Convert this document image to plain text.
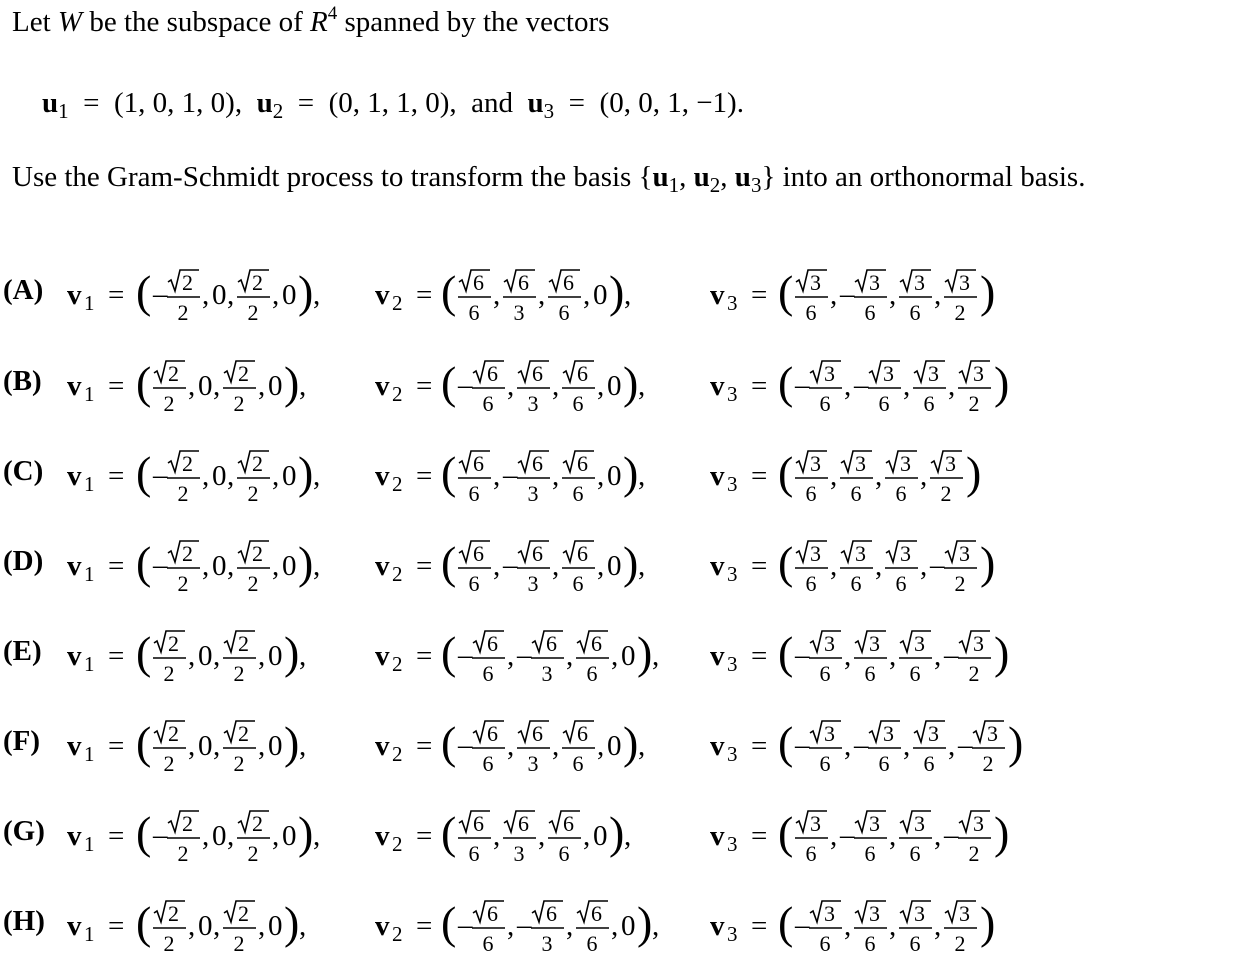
Let W be the subspace of $R^4$ spanned by the vectors
$u_1 = (1$, 0, 1, 0), $u_2 = (0$, 1, 1, 0), and $u_3 = (0$, 0, 1, −1).
Use the Gram-Schmidt process to transform the basis {$u_1$, $u_2$, $u_3$} into an orthonormal basis.
(A) v 1 = ( – 2
2
, 0 , 2
2
, 0 ) , v 2 = ( 6
6
, 6
3
, 6
6
, 0 ) ,	v 3 = ( 3
6
, – 3
6
, 3
6
, 3
2 )
(B) v 1 = ( 2
2
, 0 , 2
2
, 0 ) , v 2 = ( – 6
6
, 6
3
, 6
6
, 0 ) , v 3 = ( – 3
6
, – 3
6
, 3
6
, 3
2 )
(C) v 1 = ( – 2
2
, 0 , 2
2
, 0 ) , v 2 = ( 6
6
, – 6
3
, 6
6
, 0 ) , v 3 = ( 3
6
, 3
6
, 3
6
, 3
2 )
(D) v 1 = ( – 2
2
, 0 , 2
2
, 0 ) , v 2 = ( 6
6
, – 6
3
, 6
6
, 0 ) , v 3 = ( 3
6
, 3
6
, 3
6
, – 3
2 )
(E) v 1 = ( 2
2
, 0 , 2
2
, 0 ) , v 2 = ( – 6
6
, – 6
3
, 6
6
, 0 ) , v 3 = ( – 3
6
, 3
6
, 3
6
, – 3
2 )
(F) v 1 = ( 2
2
, 0 , 2
2
, 0 ) , v 2 = ( – 6
6
, 6
3
, 6
6
, 0 ) , v 3 = ( – 3
6
, – 3
6
, 3
6
, – 3
2 )
(G) v 1 = ( – 2
2
, 0 , 2
2
, 0 ) , v 2 = ( 6
6
, 6
3
, 6
6
, 0 ) ,	v 3 = ( 3
6
, – 3
6
, 3
6
, – 3
2 )
(H) v 1 = ( 2
2
, 0 , 2
2
, 0 ) , v 2 = ( – 6
6
, – 6
3
, 6
6
, 0 ) , v 3 = ( – 3
6
, 3
6
, 3
6
, 3
2 )
